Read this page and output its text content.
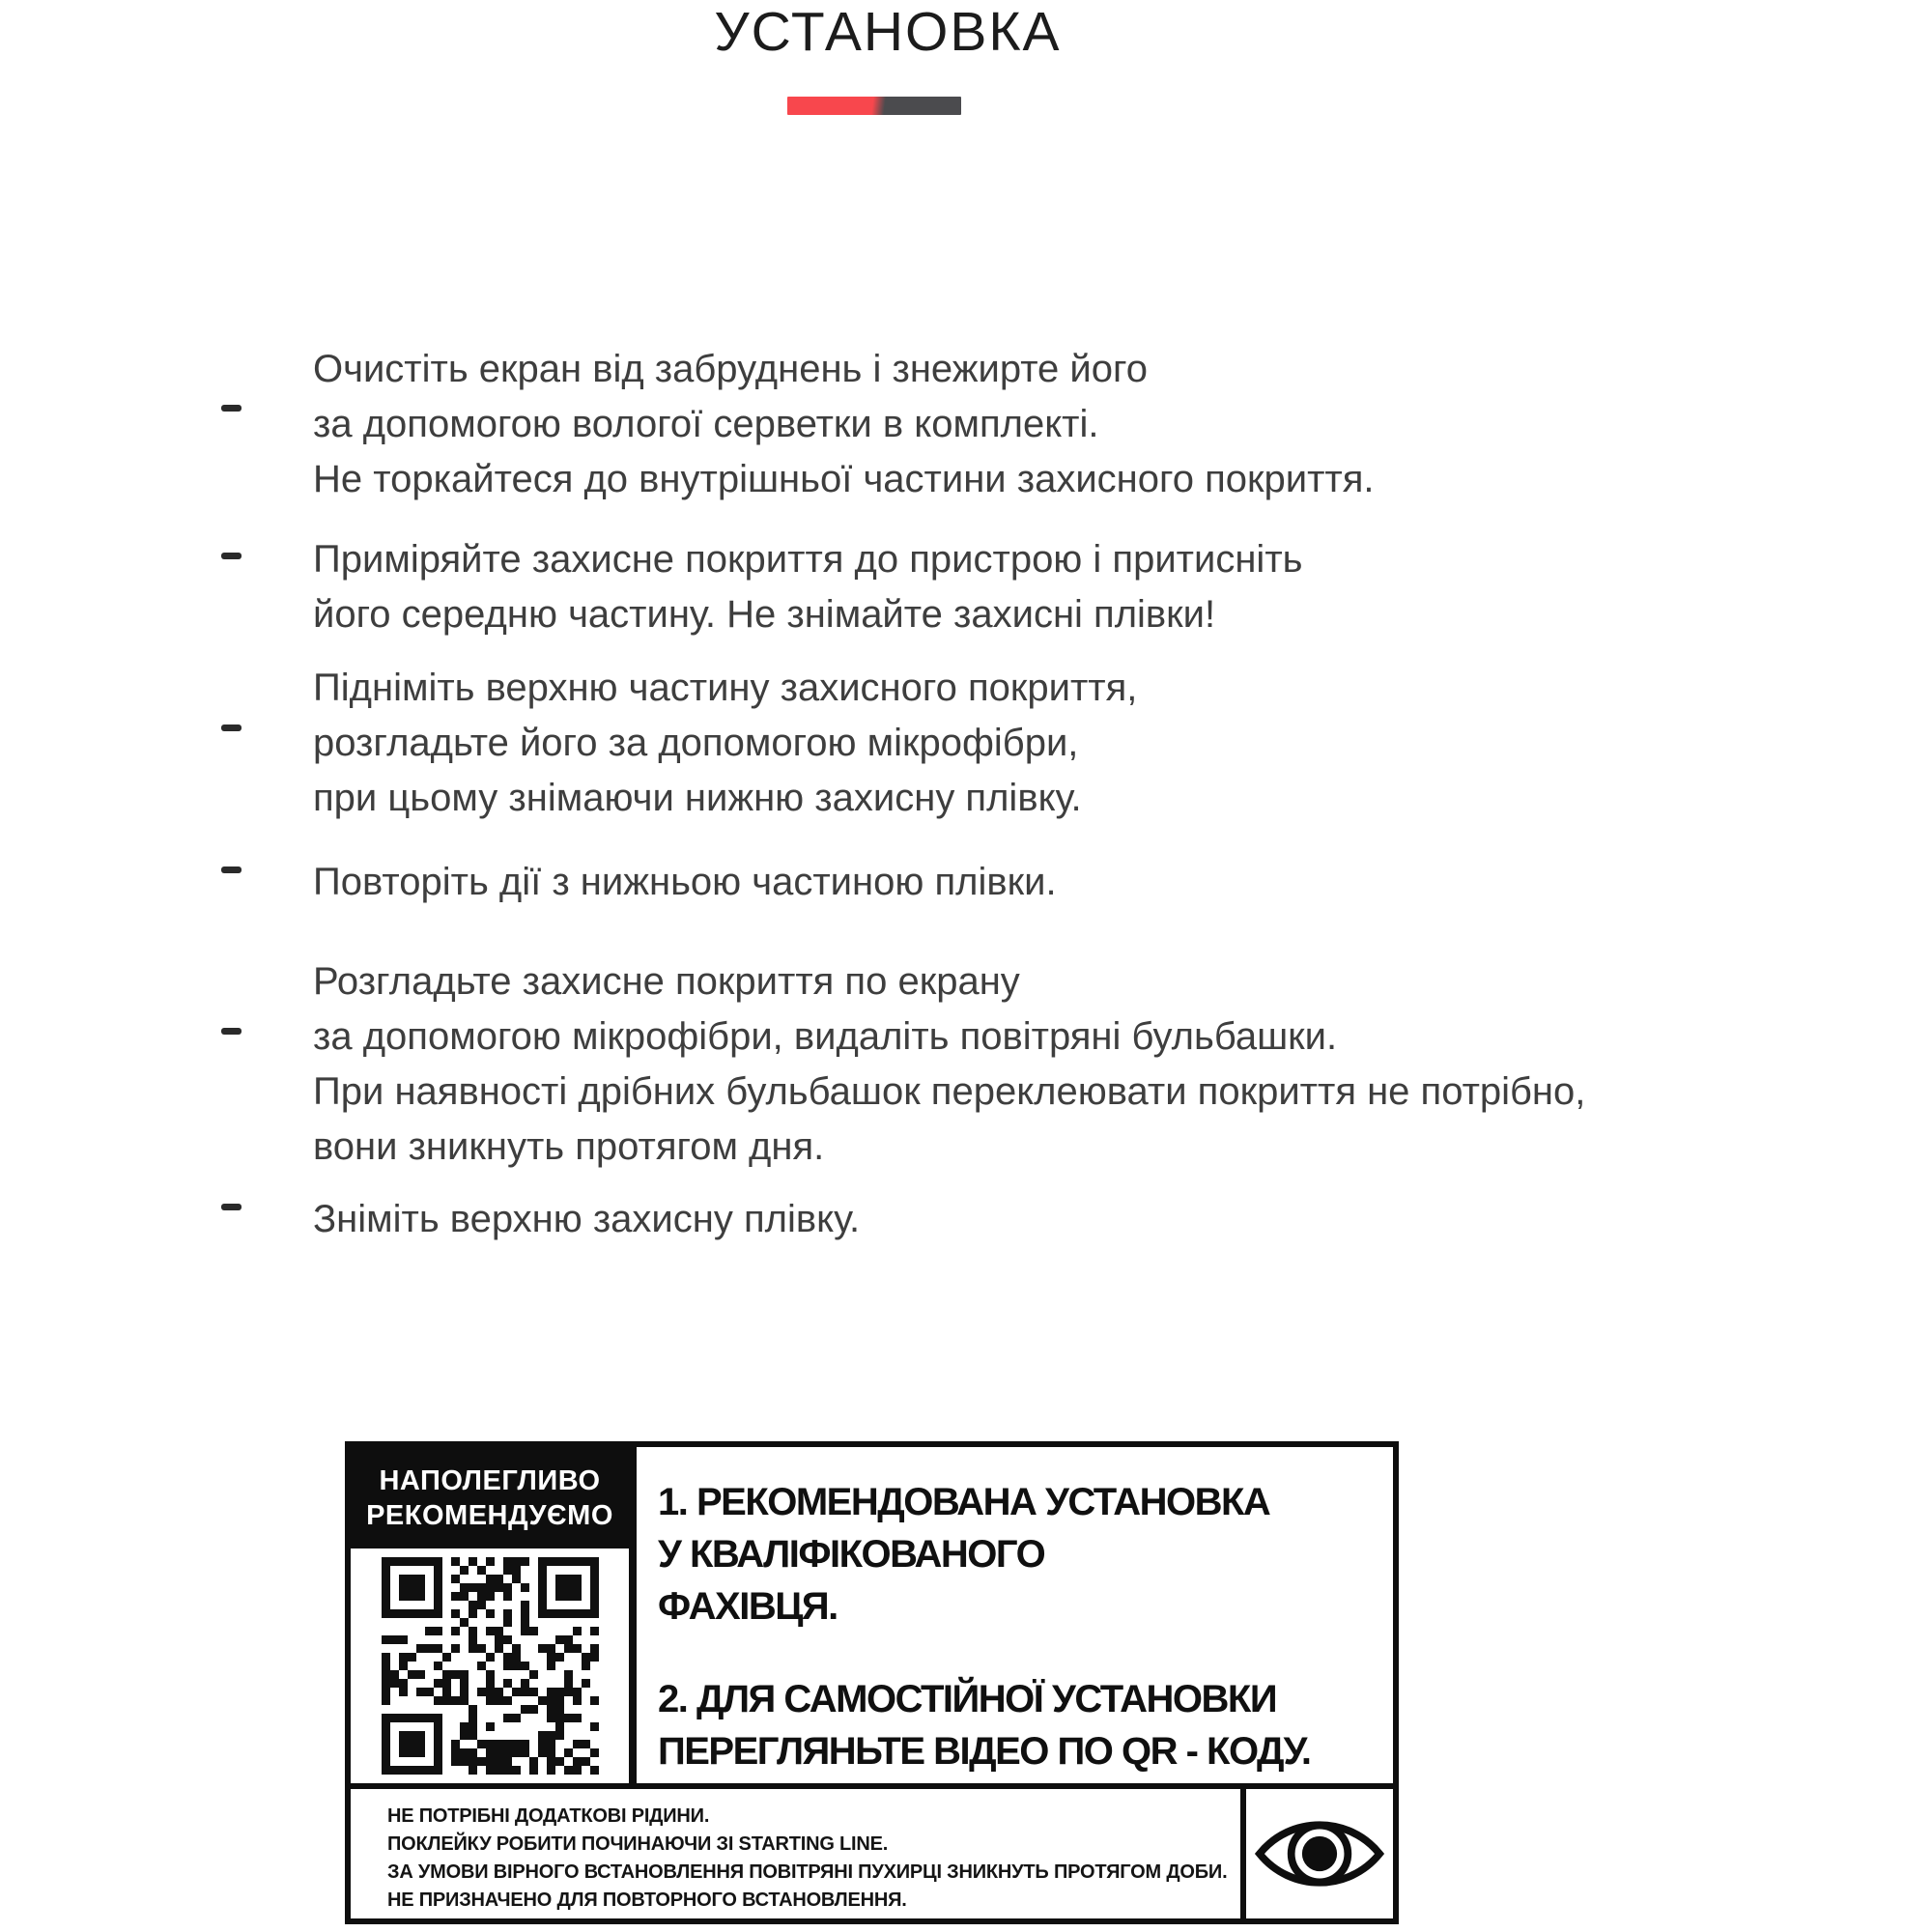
УСТАНОВКА
Очистіть екран від забруднень і знежирте його
за допомогою вологої серветки в комплекті.
Не торкайтеся до внутрішньої частини захисного покриття.
Приміряйте захисне покриття до пристрою і притисніть
його середню частину. Не знімайте захисні плівки!
Підніміть верхню частину захисного покриття,
розгладьте його за допомогою мікрофібри,
при цьому знімаючи нижню захисну плівку.
Повторіть дії з нижньою частиною плівки.
Розгладьте захисне покриття по екрану
за допомогою мікрофібри, видаліть повітряні бульбашки.
При наявності дрібних бульбашок переклеювати покриття не потрібно,
вони зникнуть протягом дня.
Зніміть верхню захисну плівку.
НАПОЛЕГЛИВО
РЕКОМЕНДУЄМО 1. РЕКОМЕНДОВАНА УСТАНОВКА
У КВАЛІФІКОВАНОГО
ФАХІВЦЯ.
2. ДЛЯ САМОСТІЙНОЇ УСТАНОВКИ
ПЕРЕГЛЯНЬТЕ ВІДЕО ПО QR - КОДУ.
НЕ ПОТРІБНІ ДОДАТКОВІ РІДИНИ.
ПОКЛЕЙКУ РОБИТИ ПОЧИНАЮЧИ ЗІ STARTING LINE.
ЗА УМОВИ ВІРНОГО ВСТАНОВЛЕННЯ ПОВІТРЯНІ ПУХИРЦІ ЗНИКНУТЬ ПРОТЯГОМ ДОБИ.
НЕ ПРИЗНАЧЕНО ДЛЯ ПОВТОРНОГО ВСТАНОВЛЕННЯ.
